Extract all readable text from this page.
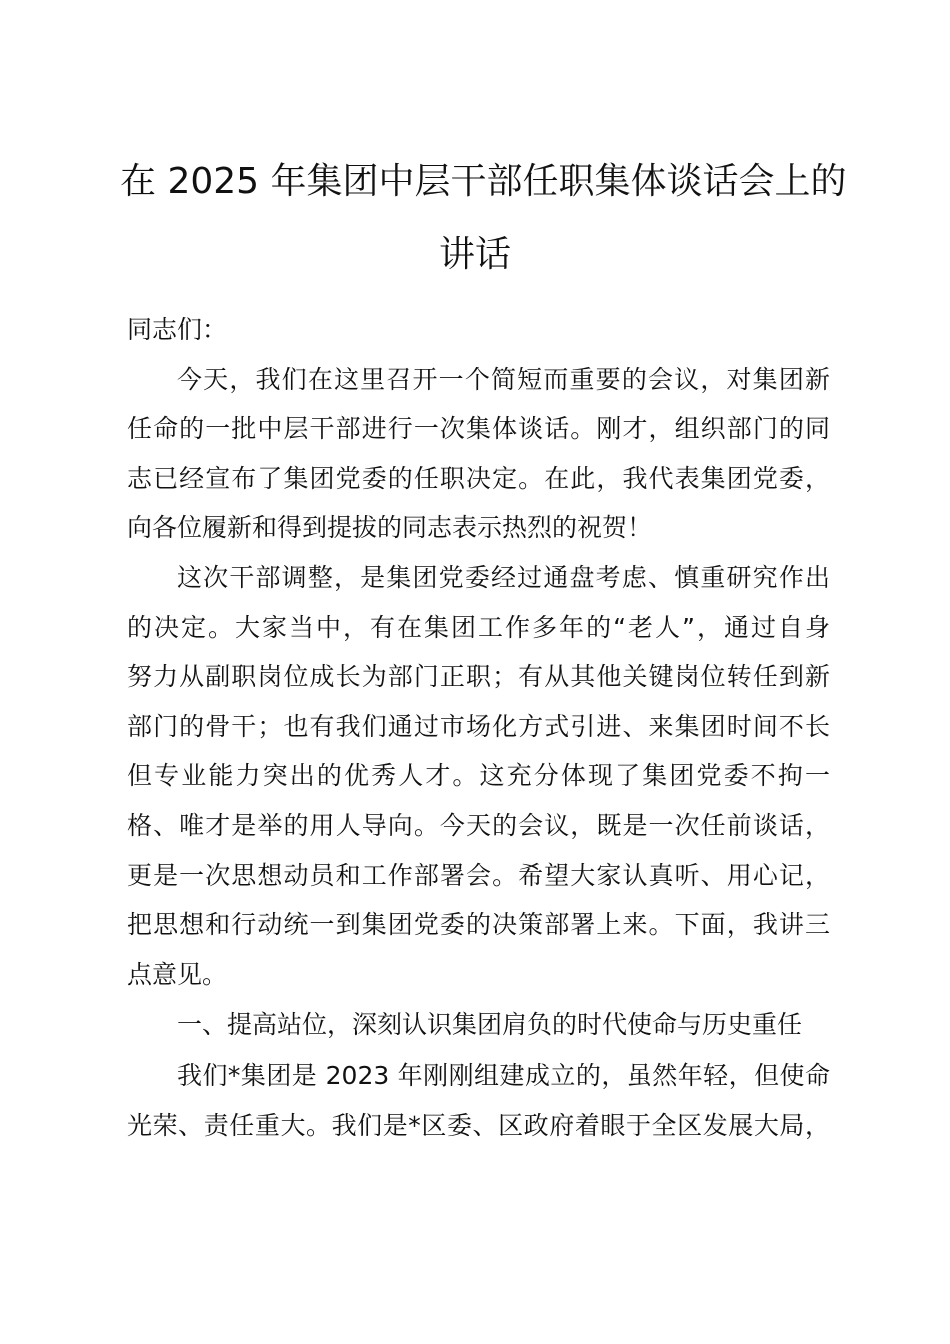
在 2025 年集团中层干部任职集体谈话会上的
讲话
同志们：
今天，我们在这里召开一个简短而重要的会议，对集团新
任命的一批中层干部进行一次集体谈话。刚才，组织部门的同
志已经宣布了集团党委的任职决定。在此，我代表集团党委，
向各位履新和得到提拔的同志表示热烈的祝贺！
这次干部调整，是集团党委经过通盘考虑、慎重研究作出
的决定。大家当中，有在集团工作多年的“老人”，通过自身
努力从副职岗位成长为部门正职；有从其他关键岗位转任到新
部门的骨干；也有我们通过市场化方式引进、来集团时间不长
但专业能力突出的优秀人才。这充分体现了集团党委不拘一
格、唯才是举的用人导向。今天的会议，既是一次任前谈话，
更是一次思想动员和工作部署会。希望大家认真听、用心记，
把思想和行动统一到集团党委的决策部署上来。下面，我讲三
点意见。
一、提高站位，深刻认识集团肩负的时代使命与历史重任
我们*集团是 2023 年刚刚组建成立的，虽然年轻，但使命
光荣、责任重大。我们是*区委、区政府着眼于全区发展大局，
